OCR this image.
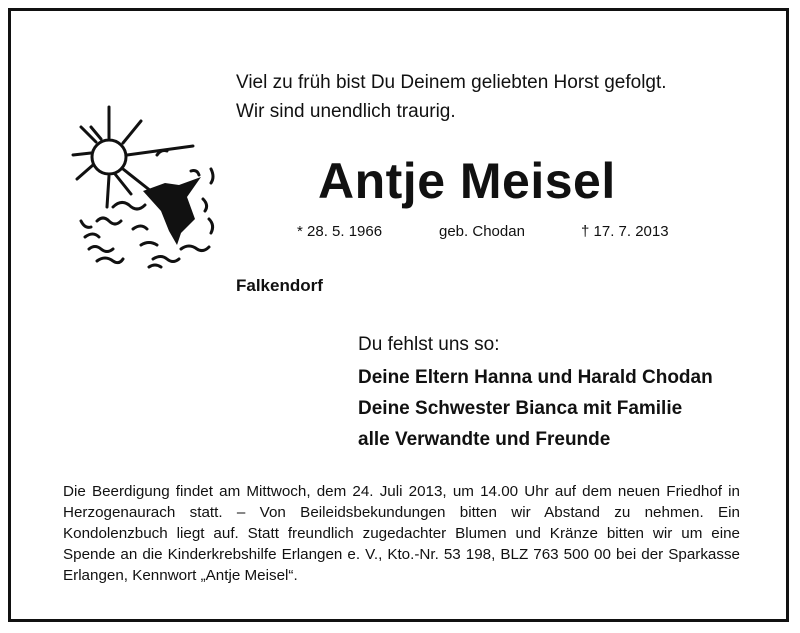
Viel zu früh bist Du Deinem geliebten Horst gefolgt.
Wir sind unendlich traurig.
Antje Meisel
* 28. 5. 1966	geb. Chodan	† 17. 7. 2013
Falkendorf
Du fehlst uns so:
Deine Eltern Hanna und Harald Chodan
Deine Schwester Bianca mit Familie
alle Verwandte und Freunde
Die Beerdigung findet am Mittwoch, dem 24. Juli 2013, um 14.00 Uhr auf dem neuen Friedhof in Herzogenaurach statt. – Von Beileidsbekundungen bitten wir Abstand zu nehmen. Ein Kondolenzbuch liegt auf. Statt freundlich zugedachter Blumen und Kränze bitten wir um eine Spende an die Kinderkrebshilfe Erlangen e. V., Kto.-Nr. 53 198, BLZ 763 500 00 bei der Sparkasse Erlangen, Kennwort „Antje Meisel“.
